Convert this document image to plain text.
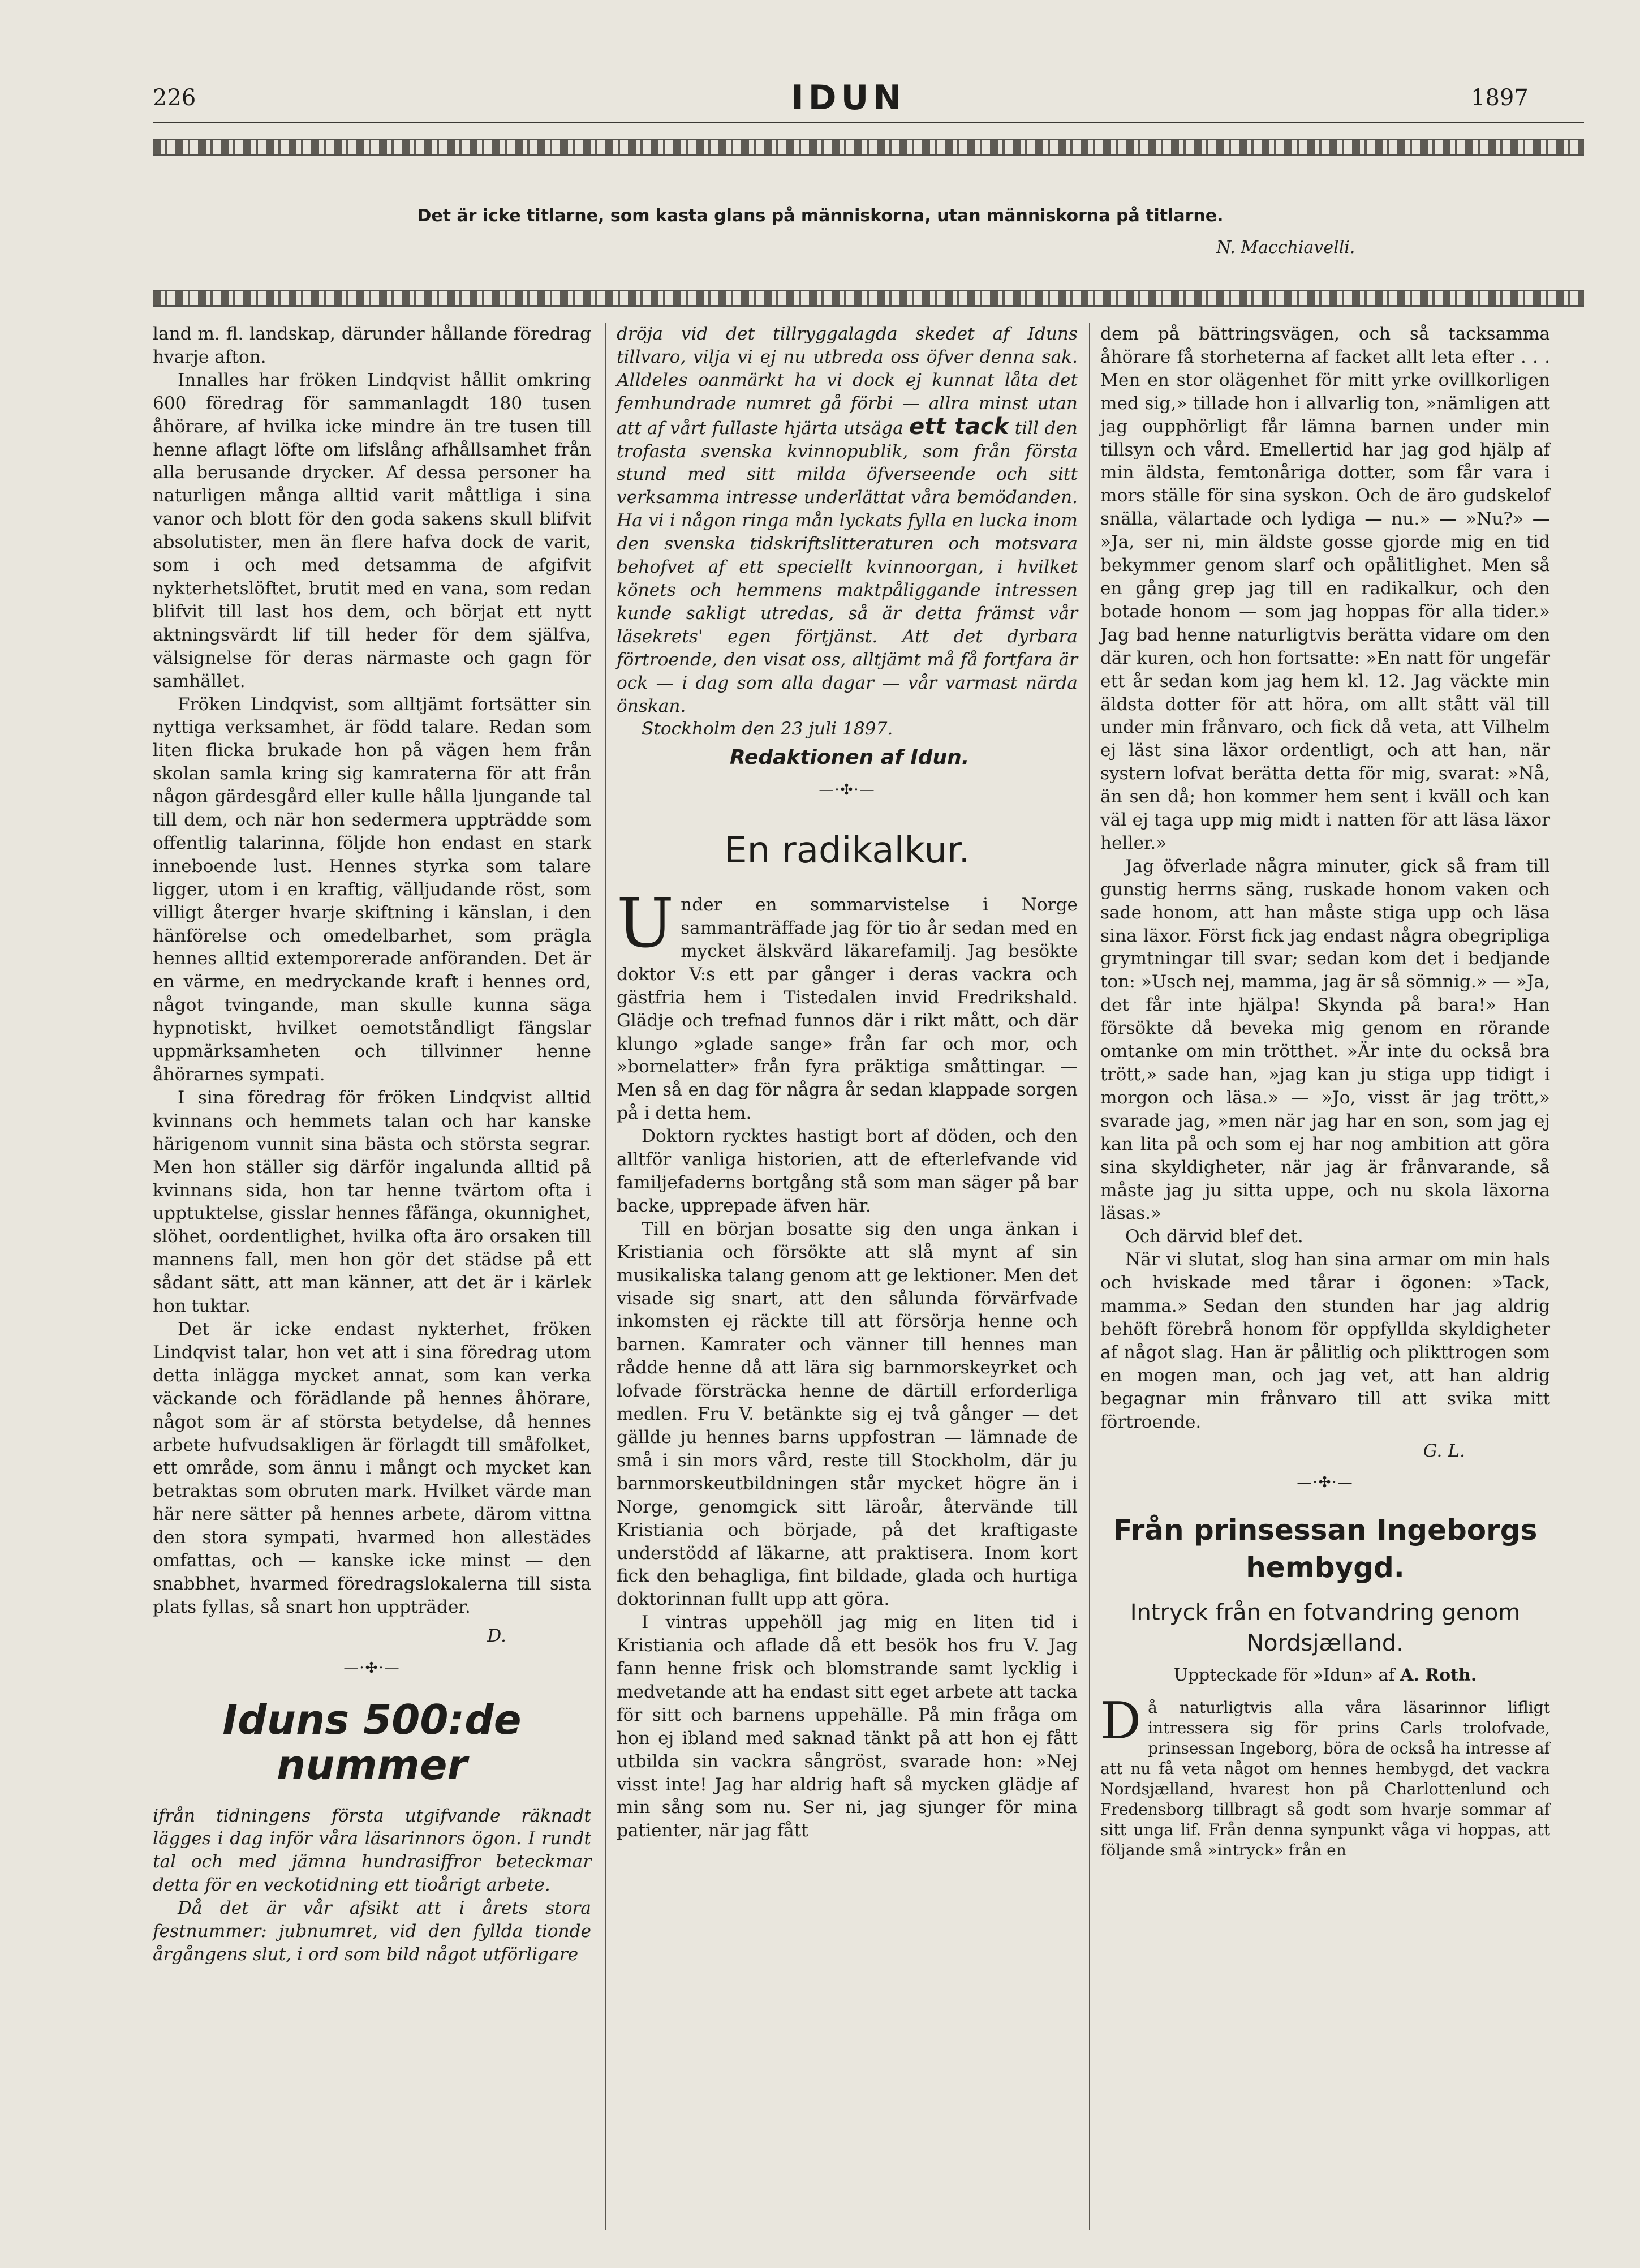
226	IDUN	1897
Det är icke titlarne, som kasta glans på människorna, utan människorna på titlarne.
N. Macchiavelli.

land m. fl. landskap, därunder hållande föredrag hvarje afton.

Innalles har fröken Lindqvist hållit omkring 600 föredrag för sammanlagdt 180 tusen åhörare, af hvilka icke mindre än tre tusen till henne aflagt löfte om lifslång afhållsamhet från alla berusande drycker. Af dessa personer ha naturligen många alltid varit måttliga i sina vanor och blott för den goda sakens skull blifvit absolutister, men än flere hafva dock de varit, som i och med detsamma de afgifvit nykterhetslöftet, brutit med en vana, som redan blifvit till last hos dem, och börjat ett nytt aktningsvärdt lif till heder för dem själfva, välsignelse för deras närmaste och gagn för samhället.

Fröken Lindqvist, som alltjämt fortsätter sin nyttiga verksamhet, är född talare. Redan som liten flicka brukade hon på vägen hem från skolan samla kring sig kamraterna för att från någon gärdesgård eller kulle hålla ljungande tal till dem, och när hon sedermera uppträdde som offentlig talarinna, följde hon endast en stark inneboende lust. Hennes styrka som talare ligger, utom i en kraftig, välljudande röst, som villigt återger hvarje skiftning i känslan, i den hänförelse och omedelbarhet, som prägla hennes alltid extemporerade anföranden. Det är en värme, en medryckande kraft i hennes ord, något tvingande, man skulle kunna säga hypnotiskt, hvilket oemotståndligt fängslar uppmärksamheten och tillvinner henne åhörarnes sympati.

I sina föredrag för fröken Lindqvist alltid kvinnans och hemmets talan och har kanske härigenom vunnit sina bästa och största segrar. Men hon ställer sig därför ingalunda alltid på kvinnans sida, hon tar henne tvärtom ofta i upptuktelse, gisslar hennes fåfänga, okunnighet, slöhet, oordentlighet, hvilka ofta äro orsaken till mannens fall, men hon gör det städse på ett sådant sätt, att man känner, att det är i kärlek hon tuktar.

Det är icke endast nykterhet, fröken Lindqvist talar, hon vet att i sina föredrag utom detta inlägga mycket annat, som kan verka väckande och förädlande på hennes åhörare, något som är af största betydelse, då hennes arbete hufvudsakligen är förlagdt till småfolket, ett område, som ännu i mångt och mycket kan betraktas som obruten mark. Hvilket värde man här nere sätter på hennes arbete, därom vittna den stora sympati, hvarmed hon allestädes omfattas, och — kanske icke minst — den snabbhet, hvarmed föredragslokalerna till sista plats fyllas, så snart hon uppträder.

D.
—·✣·—
Iduns 500:de nummer

ifrån tidningens första utgifvande räknadt lägges i dag inför våra läsarinnors ögon. I rundt tal och med jämna hundrasiffror beteckmar detta för en veckotidning ett tioårigt arbete.

Då det är vår afsikt att i årets stora festnummer: jubnumret, vid den fyllda tionde årgångens slut, i ord som bild något utförligare

dröja vid det tillryggalagda skedet af Iduns tillvaro, vilja vi ej nu utbreda oss öfver denna sak. Alldeles oanmärkt ha vi dock ej kunnat låta det femhundrade numret gå förbi — allra minst utan att af vårt fullaste hjärta utsäga ett tack till den trofasta svenska kvinnopublik, som från första stund med sitt milda öfverseende och sitt verksamma intresse underlättat våra bemödanden. Ha vi i någon ringa mån lyckats fylla en lucka inom den svenska tidskriftslitteraturen och motsvara behofvet af ett speciellt kvinnoorgan, i hvilket könets och hemmens maktpåliggande intressen kunde sakligt utredas, så är detta främst vår läsekrets' egen förtjänst. Att det dyrbara förtroende, den visat oss, alltjämt må få fortfara är ock — i dag som alla dagar — vår varmast närda önskan.

Stockholm den 23 juli 1897.

Redaktionen af Idun.
—·✣·—
En radikalkur.

Under en sommarvistelse i Norge sammanträffade jag för tio år sedan med en mycket älskvärd läkarefamilj. Jag besökte doktor V:s ett par gånger i deras vackra och gästfria hem i Tistedalen invid Fredrikshald. Glädje och trefnad funnos där i rikt mått, och där klungo »glade sange» från far och mor, och »bornelatter» från fyra präktiga småttingar. — Men så en dag för några år sedan klappade sorgen på i detta hem.

Doktorn rycktes hastigt bort af döden, och den alltför vanliga historien, att de efterlefvande vid familjefaderns bortgång stå som man säger på bar backe, upprepade äfven här.

Till en början bosatte sig den unga änkan i Kristiania och försökte att slå mynt af sin musikaliska talang genom att ge lektioner. Men det visade sig snart, att den sålunda förvärfvade inkomsten ej räckte till att försörja henne och barnen. Kamrater och vänner till hennes man rådde henne då att lära sig barnmorskeyrket och lofvade försträcka henne de därtill erforderliga medlen. Fru V. betänkte sig ej två gånger — det gällde ju hennes barns uppfostran — lämnade de små i sin mors vård, reste till Stockholm, där ju barnmorskeutbildningen står mycket högre än i Norge, genomgick sitt läroår, återvände till Kristiania och började, på det kraftigaste understödd af läkarne, att praktisera. Inom kort fick den behagliga, fint bildade, glada och hurtiga doktorinnan fullt upp att göra.

I vintras uppehöll jag mig en liten tid i Kristiania och aflade då ett besök hos fru V. Jag fann henne frisk och blomstrande samt lycklig i medvetande att ha endast sitt eget arbete att tacka för sitt och barnens uppehälle. På min fråga om hon ej ibland med saknad tänkt på att hon ej fått utbilda sin vackra sångröst, svarade hon: »Nej visst inte! Jag har aldrig haft så mycken glädje af min sång som nu. Ser ni, jag sjunger för mina patienter, när jag fått

dem på bättringsvägen, och så tacksamma åhörare få storheterna af facket allt leta efter . . . Men en stor olägenhet för mitt yrke ovillkorligen med sig,» tillade hon i allvarlig ton, »nämligen att jag oupphörligt får lämna barnen under min tillsyn och vård. Emellertid har jag god hjälp af min äldsta, femtonåriga dotter, som får vara i mors ställe för sina syskon. Och de äro gudskelof snälla, välartade och lydiga — nu.» — »Nu?» — »Ja, ser ni, min äldste gosse gjorde mig en tid bekymmer genom slarf och opålitlighet. Men så en gång grep jag till en radikalkur, och den botade honom — som jag hoppas för alla tider.» Jag bad henne naturligtvis berätta vidare om den där kuren, och hon fortsatte: »En natt för ungefär ett år sedan kom jag hem kl. 12. Jag väckte min äldsta dotter för att höra, om allt stått väl till under min frånvaro, och fick då veta, att Vilhelm ej läst sina läxor ordentligt, och att han, när systern lofvat berätta detta för mig, svarat: »Nå, än sen då; hon kommer hem sent i kväll och kan väl ej taga upp mig midt i natten för att läsa läxor heller.»

Jag öfverlade några minuter, gick så fram till gunstig herrns säng, ruskade honom vaken och sade honom, att han måste stiga upp och läsa sina läxor. Först fick jag endast några obegripliga grymtningar till svar; sedan kom det i bedjande ton: »Usch nej, mamma, jag är så sömnig.» — »Ja, det får inte hjälpa! Skynda på bara!» Han försökte då beveka mig genom en rörande omtanke om min trötthet. »Är inte du också bra trött,» sade han, »jag kan ju stiga upp tidigt i morgon och läsa.» — »Jo, visst är jag trött,» svarade jag, »men när jag har en son, som jag ej kan lita på och som ej har nog ambition att göra sina skyldigheter, när jag är frånvarande, så måste jag ju sitta uppe, och nu skola läxorna läsas.»

Och därvid blef det.

När vi slutat, slog han sina armar om min hals och hviskade med tårar i ögonen: »Tack, mamma.» Sedan den stunden har jag aldrig behöft förebrå honom för oppfyllda skyldigheter af något slag. Han är pålitlig och plikttrogen som en mogen man, och jag vet, att han aldrig begagnar min frånvaro till att svika mitt förtroende.

G. L.
—·✣·—
Från prinsessan Ingeborgs hembygd.
Intryck från en fotvandring genom Nordsjælland.
Uppteckade för »Idun» af A. Roth.

Då naturligtvis alla våra läsarinnor lifligt intressera sig för prins Carls trolofvade, prinsessan Ingeborg, böra de också ha intresse af att nu få veta något om hennes hembygd, det vackra Nordsjælland, hvarest hon på Charlottenlund och Fredensborg tillbragt så godt som hvarje sommar af sitt unga lif. Från denna synpunkt våga vi hoppas, att följande små »intryck» från en
